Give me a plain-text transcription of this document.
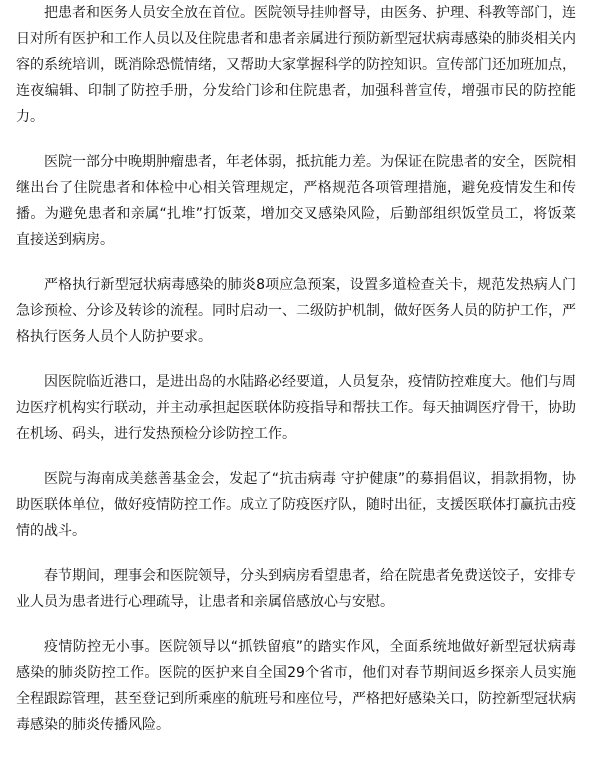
把患者和医务人员安全放在首位。医院领导挂帅督导，由医务、护理、科教等部门，连日对所有医护和工作人员以及住院患者和患者亲属进行预防新型冠状病毒感染的肺炎相关内容的系统培训，既消除恐慌情绪，又帮助大家掌握科学的防控知识。宣传部门还加班加点，连夜编辑、印制了防控手册，分发给门诊和住院患者，加强科普宣传，增强市民的防控能力。

医院一部分中晚期肿瘤患者，年老体弱，抵抗能力差。为保证在院患者的安全，医院相继出台了住院患者和体检中心相关管理规定，严格规范各项管理措施，避免疫情发生和传播。为避免患者和亲属“扎堆”打饭菜，增加交叉感染风险，后勤部组织饭堂员工，将饭菜直接送到病房。

严格执行新型冠状病毒感染的肺炎8项应急预案，设置多道检查关卡，规范发热病人门急诊预检、分诊及转诊的流程。同时启动一、二级防护机制，做好医务人员的防护工作，严格执行医务人员个人防护要求。

因医院临近港口，是进出岛的水陆路必经要道，人员复杂，疫情防控难度大。他们与周边医疗机构实行联动，并主动承担起医联体防疫指导和帮扶工作。每天抽调医疗骨干，协助在机场、码头，进行发热预检分诊防控工作。

医院与海南成美慈善基金会，发起了“抗击病毒 守护健康”的募捐倡议，捐款捐物，协助医联体单位，做好疫情防控工作。成立了防疫医疗队，随时出征，支援医联体打赢抗击疫情的战斗。

春节期间，理事会和医院领导，分头到病房看望患者，给在院患者免费送饺子，安排专业人员为患者进行心理疏导，让患者和亲属倍感放心与安慰。

疫情防控无小事。医院领导以“抓铁留痕”的踏实作风，全面系统地做好新型冠状病毒感染的肺炎防控工作。医院的医护来自全国29个省市，他们对春节期间返乡探亲人员实施全程跟踪管理，甚至登记到所乘座的航班号和座位号，严格把好感染关口，防控新型冠状病毒感染的肺炎传播风险。
